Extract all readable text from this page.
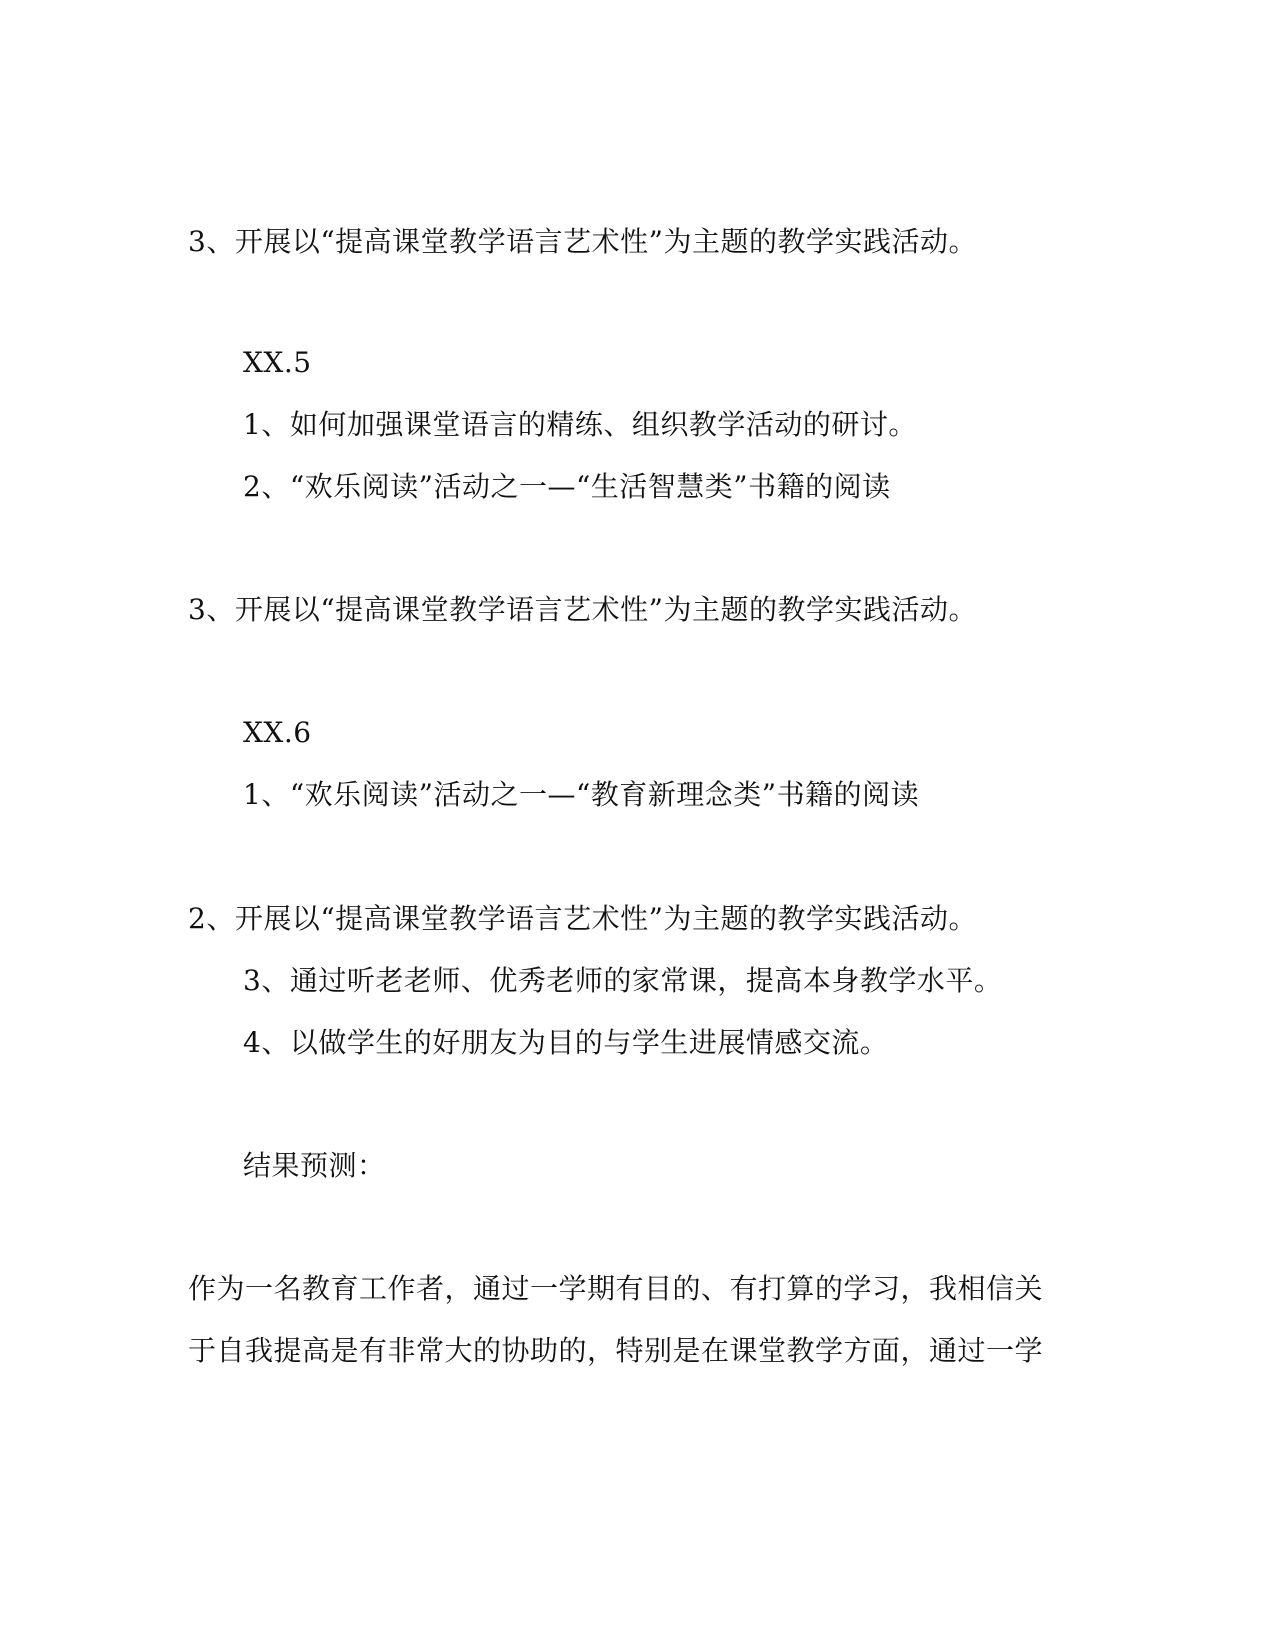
3、开展以“提高课堂教学语言艺术性”为主题的教学实践活动。
XX.5
1、如何加强课堂语言的精练、组织教学活动的研讨。
2、“欢乐阅读”活动之一—“生活智慧类”书籍的阅读
3、开展以“提高课堂教学语言艺术性”为主题的教学实践活动。
XX.6
1、“欢乐阅读”活动之一—“教育新理念类”书籍的阅读
2、开展以“提高课堂教学语言艺术性”为主题的教学实践活动。
3、通过听老老师、优秀老师的家常课，提高本身教学水平。
4、以做学生的好朋友为目的与学生进展情感交流。
结果预测：
作为一名教育工作者，通过一学期有目的、有打算的学习，我相信关
于自我提高是有非常大的协助的，特别是在课堂教学方面，通过一学
